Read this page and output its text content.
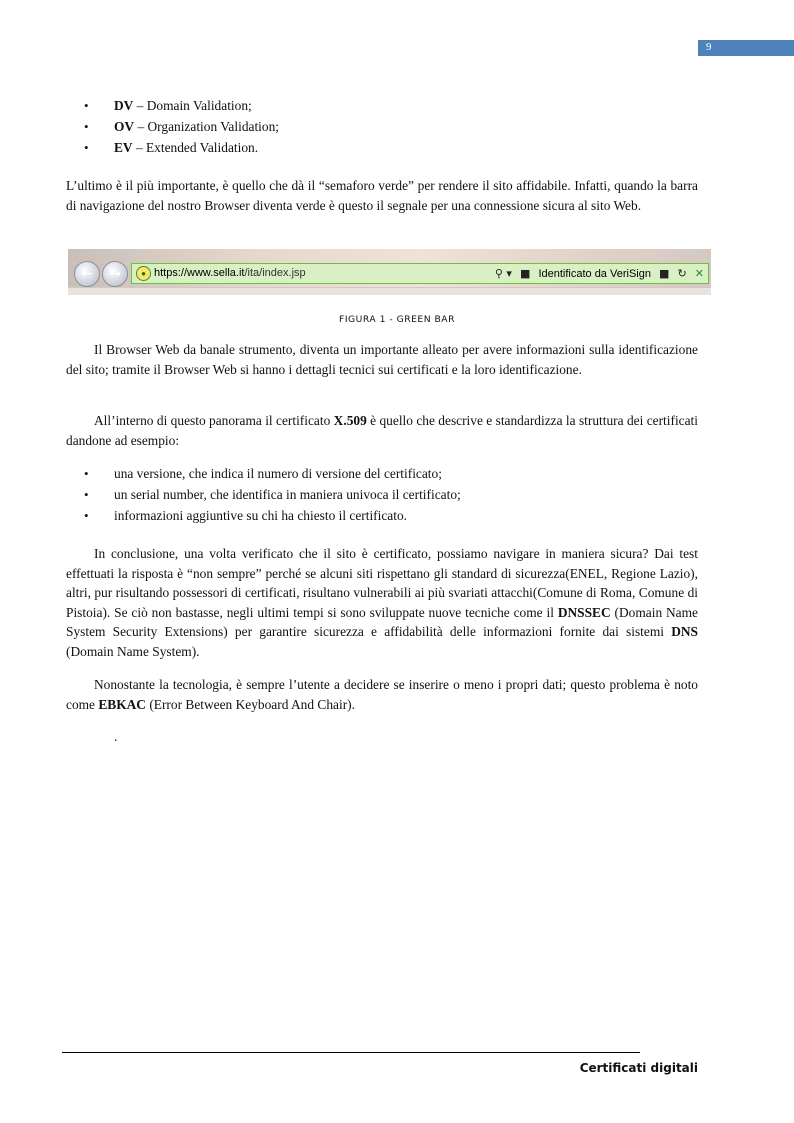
9
• DV – Domain Validation;
• OV – Organization Validation;
• EV – Extended Validation.

L’ultimo è il più importante, è quello che dà il “semaforo verde” per rendere il sito affidabile. Infatti, quando la barra di navigazione del nostro Browser diventa verde è questo il segnale per una connessione sicura al sito Web.

←	→	● https://www.sella.it/ita/index.jsp	⚲ ▾ ■ Identificato da VeriSign ■ ↻ ✕
FIGURA 1 - GREEN BAR

Il Browser Web da banale strumento, diventa un importante alleato per avere informazioni sulla identificazione del sito; tramite il Browser Web si hanno i dettagli tecnici sui certificati e la loro identificazione.

All’interno di questo panorama il certificato X.509 è quello che descrive e standardizza la struttura dei certificati dandone ad esempio:

• una versione, che indica il numero di versione del certificato;
• un serial number, che identifica in maniera univoca il certificato;
• informazioni aggiuntive su chi ha chiesto il certificato.

In conclusione, una volta verificato che il sito è certificato, possiamo navigare in maniera sicura? Dai test effettuati la risposta è “non sempre” perché se alcuni siti rispettano gli standard di sicurezza(ENEL, Regione Lazio), altri, pur risultando possessori di certificati, risultano vulnerabili ai più svariati attacchi(Comune di Roma, Comune di Pistoia). Se ciò non bastasse, negli ultimi tempi si sono sviluppate nuove tecniche come il DNSSEC (Domain Name System Security Extensions) per garantire sicurezza e affidabilità delle informazioni fornite dai sistemi DNS (Domain Name System).

Nonostante la tecnologia, è sempre l’utente a decidere se inserire o meno i propri dati; questo problema è noto come EBKAC (Error Between Keyboard And Chair).

.
Certificati digitali
